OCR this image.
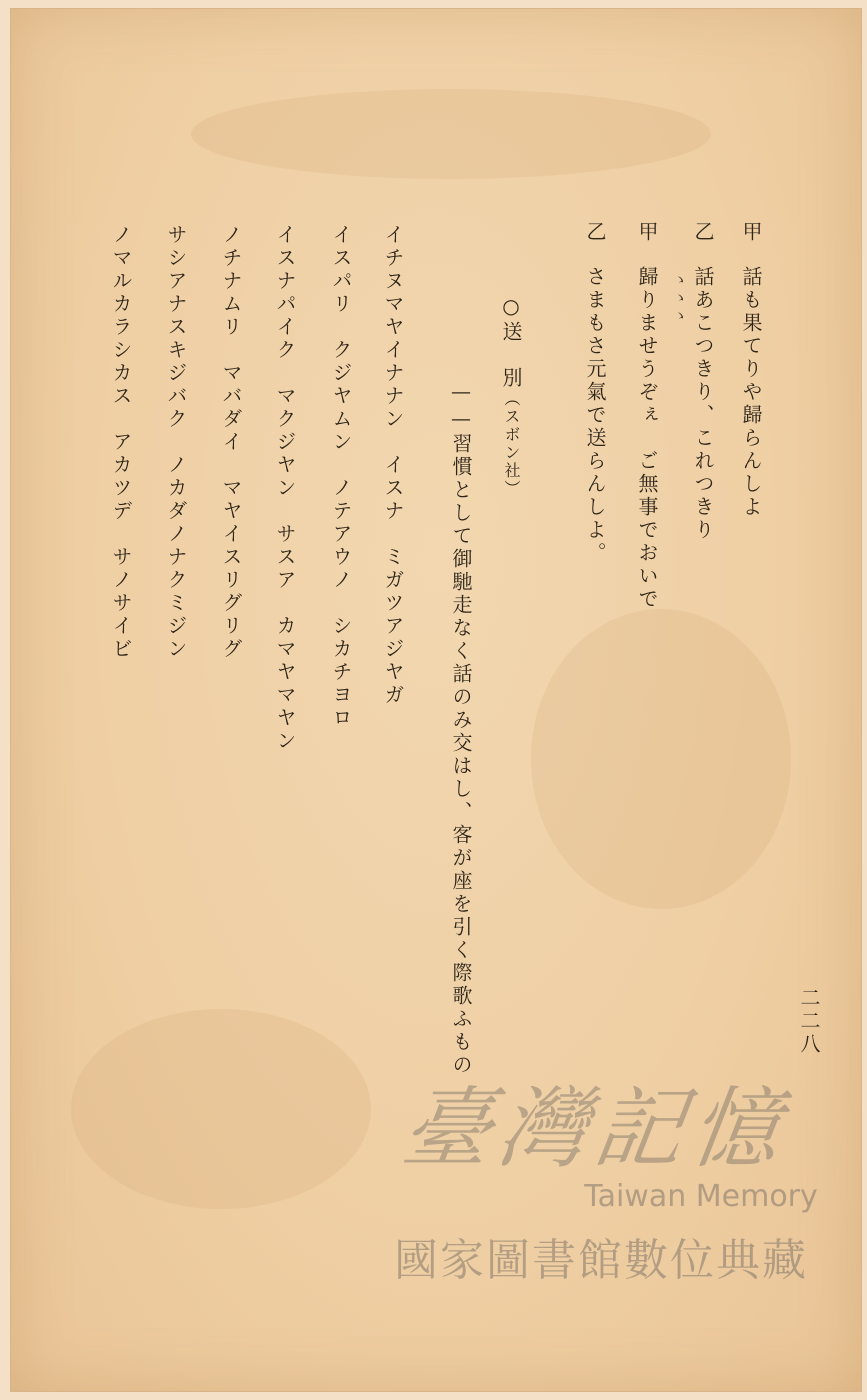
甲話も果てりや歸らんしよ
乙話あこつきり、これつきり
ゝゝゝ
甲歸りませうぞぇ　ご無事でおいで
乙さまもさ元氣で送らんしよ。
○送　別（スボン社）
——習慣として御馳走なく話のみ交はし、客が座を引く際歌ふもの
イチヌマヤイナナン　イスナ　ミガツアジヤガ
イスパリ　クジヤムン　ノテアウノ　シカチヨロ
イスナパイク　マクジヤン　サスア　カマヤマヤン
ノチナムリ　マバダイ　マヤイスリグリグ
サシアナスキジバク　ノカダノナクミジン
ノマルカラシカス　アカツデ　サノサイビ
二二八
臺灣記憶
Taiwan Memory
國家圖書館數位典藏
